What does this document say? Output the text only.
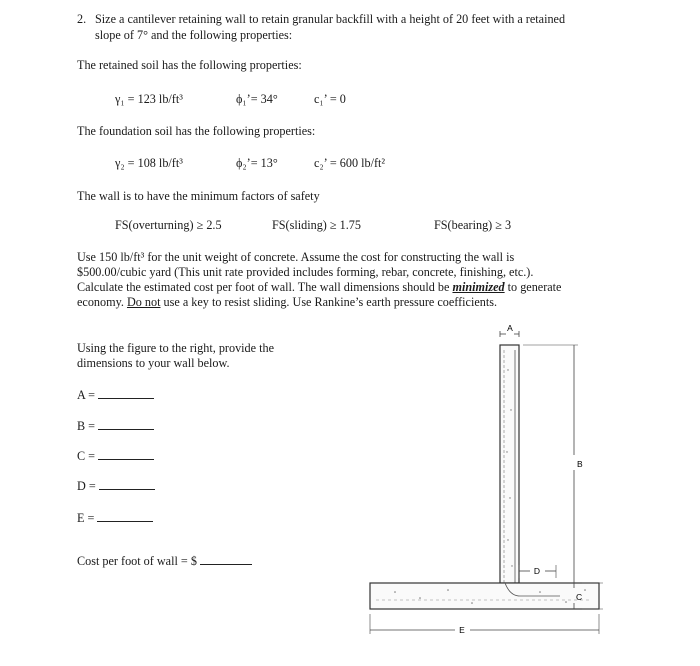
2. Size a cantilever retaining wall to retain granular backfill with a height of 20 feet with a retained
slope of 7° and the following properties:
The retained soil has the following properties:
γ₁ = 123 lb/ft³	ϕ₁’= 34°	c₁’ = 0
The foundation soil has the following properties:
γ₂ = 108 lb/ft³	ϕ₂’= 13°	c₂’ = 600 lb/ft²
The wall is to have the minimum factors of safety
FS(overturning) ≥ 2.5	FS(sliding) ≥ 1.75	FS(bearing) ≥ 3
Use 150 lb/ft³ for the unit weight of concrete. Assume the cost for constructing the wall is
$500.00/cubic yard (This unit rate provided includes forming, rebar, concrete, finishing, etc.).
Calculate the estimated cost per foot of wall. The wall dimensions should be minimized to generate
economy. Do not use a key to resist sliding. Use Rankine’s earth pressure coefficients.
Using the figure to the right, provide the
dimensions to your wall below.
A =
B =
C =
D =
E =
Cost per foot of wall = $
A
B
C
D
E
